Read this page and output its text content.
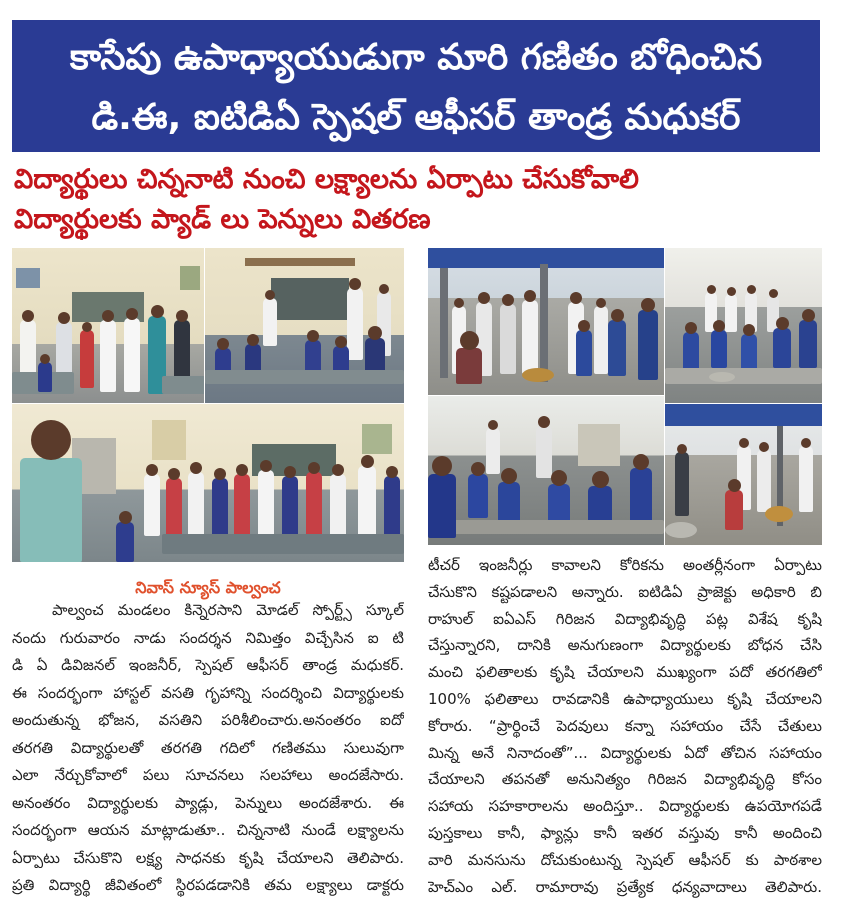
కాసేపు ఉపాధ్యాయుడుగా మారి గణితం బోధించిన
డి.ఈ, ఐటిడిఏ స్పెషల్ ఆఫీసర్ తాండ్ర మధుకర్
విద్యార్థులు చిన్ననాటి నుంచి లక్ష్యాలను ఏర్పాటు చేసుకోవాలి
విద్యార్థులకు ప్యాడ్ లు పెన్నులు వితరణ
నివాస్ న్యూస్ పాల్వంచ
పాల్వంచ మండలం కిన్నెరసాని మోడల్ స్పోర్ట్స్ స్కూల్
నందు గురువారం నాడు సందర్శన నిమిత్తం విచ్చేసిన ఐ టి
డి ఏ డివిజనల్ ఇంజనీర్, స్పెషల్ ఆఫీసర్ తాండ్ర మధుకర్.
ఈ సందర్భంగా హాస్టల్ వసతి గృహాన్ని సందర్శించి విద్యార్థులకు
అందుతున్న భోజన, వసతిని పరిశీలించారు.అనంతరం ఐదో
తరగతి విద్యార్థులతో తరగతి గదిలో గణితము సులువుగా
ఎలా నేర్చుకోవాలో పలు సూచనలు సలహాలు అందజేసారు.
అనంతరం విద్యార్థులకు ప్యాడ్లు, పెన్నులు అందజేశారు. ఈ
సందర్భంగా ఆయన మాట్లాడుతూ.. చిన్ననాటి నుండే లక్ష్యాలను
ఏర్పాటు చేసుకొని లక్ష్య సాధనకు కృషి చేయాలని తెలిపారు.
ప్రతి విద్యార్థి జీవితంలో స్థిరపడడానికి తమ లక్ష్యాలు డాక్టరు
టీచర్ ఇంజనీర్లు కావాలని కోరికను అంతర్లీనంగా ఏర్పాటు
చేసుకొని కష్టపడాలని అన్నారు. ఐటిడిఏ ప్రాజెక్టు అధికారి బి
రాహుల్ ఐఏఎస్ గిరిజన విద్యాభివృద్ధి పట్ల విశేష కృషి
చేస్తున్నారని, దానికి అనుగుణంగా విద్యార్థులకు బోధన చేసి
మంచి ఫలితాలకు కృషి చేయాలని ముఖ్యంగా పదో తరగతిలో
100% ఫలితాలు రావడానికి ఉపాధ్యాయులు కృషి చేయాలని
కోరారు. “ప్రార్థించే పెదవులు కన్నా సహాయం చేసే చేతులు
మిన్న అనే నినాదంతో”... విద్యార్థులకు ఏదో తోచిన సహాయం
చేయాలని తపనతో అనునిత్యం గిరిజన విద్యాభివృద్ధి కోసం
సహాయ సహకారాలను అందిస్తూ.. విద్యార్థులకు ఉపయోగపడే
పుస్తకాలు కానీ, ఫ్యాన్లు కానీ ఇతర వస్తువు కానీ అందించి
వారి మనసును దోచుకుంటున్న స్పెషల్ ఆఫీసర్ కు పాఠశాల
హెచ్ఎం ఎల్. రామారావు ప్రత్యేక ధన్యవాదాలు తెలిపారు.
